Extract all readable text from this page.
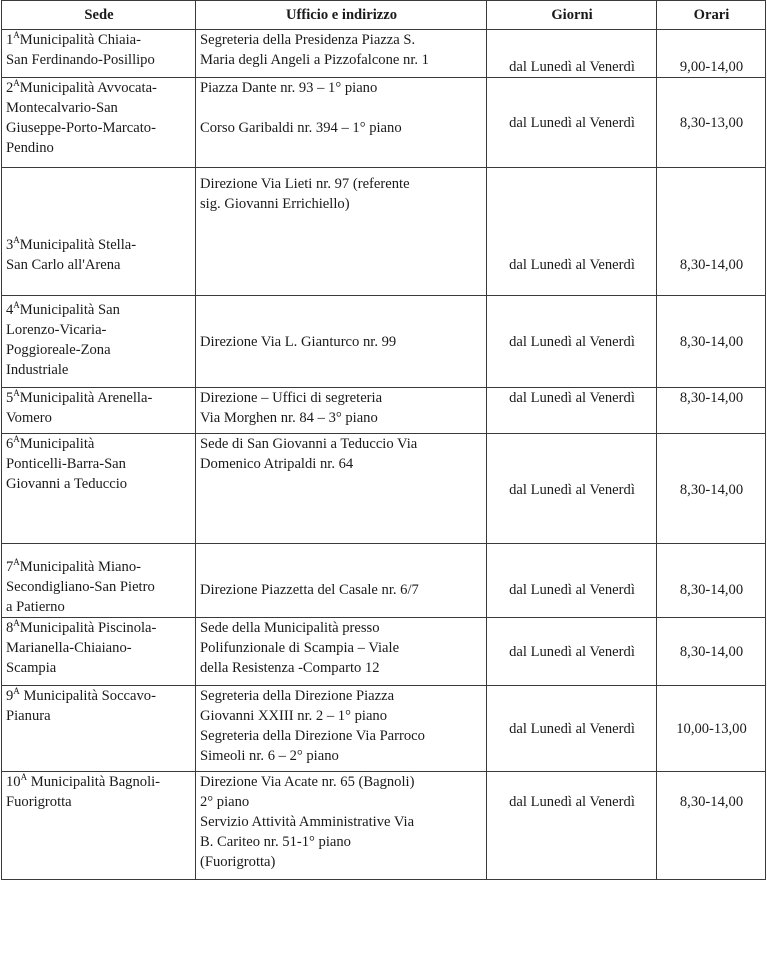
Sede	Ufficio e indirizzo	Giorni	Orari

$1^AMunicipalità$ Chiaia-
San Ferdinando-Posillipo	Segreteria della Presidenza Piazza S.
Maria degli Angeli a Pizzofalcone nr. 1	dal Lunedì al Venerdì	9,00-14,00

$2^AMunicipalità$ Avvocata-
Montecalvario-San
Giuseppe-Porto-Marcato-
Pendino	Piazza Dante nr. 93 – 1° piano
Corso Garibaldi nr. 394 – 1° piano	dal Lunedì al Venerdì	8,30-13,00

$3^AMunicipalità$ Stella-
San Carlo all'Arena	Direzione Via Lieti nr. 97 (referente
sig. Giovanni Errichiello)	dal Lunedì al Venerdì	8,30-14,00

$4^AMunicipalità$ San
Lorenzo-Vicaria-
Poggioreale-Zona
Industriale	Direzione Via L. Gianturco nr. 99	dal Lunedì al Venerdì	8,30-14,00

$5^AMunicipalità$ Arenella-
Vomero	Direzione – Uffici di segreteria
Via Morghen nr. 84 – 3° piano	dal Lunedì al Venerdì	8,30-14,00

$6^AMunicipalità$
Ponticelli-Barra-San
Giovanni a Teduccio	Sede di San Giovanni a Teduccio Via
Domenico Atripaldi nr. 64	dal Lunedì al Venerdì	8,30-14,00

$7^AMunicipalità$ Miano-
Secondigliano-San Pietro
a Patierno	Direzione Piazzetta del Casale nr. 6/7	dal Lunedì al Venerdì	8,30-14,00

$8^AMunicipalità$ Piscinola-
Marianella-Chiaiano-
Scampia	Sede della Municipalità presso
Polifunzionale di Scampia – Viale
della Resistenza -Comparto 12	dal Lunedì al Venerdì	8,30-14,00

$9^A$ Municipalità Soccavo-
Pianura	Segreteria della Direzione Piazza
Giovanni XXIII nr. 2 – 1° piano
Segreteria della Direzione Via Parroco
Simeoli nr. 6 – 2° piano	dal Lunedì al Venerdì	10,00-13,00

$10^A$ Municipalità Bagnoli-
Fuorigrotta	Direzione Via Acate nr. 65 (Bagnoli)
2° piano
Servizio Attività Amministrative Via
B. Cariteo nr. 51-1° piano
(Fuorigrotta)	dal Lunedì al Venerdì	8,30-14,00
